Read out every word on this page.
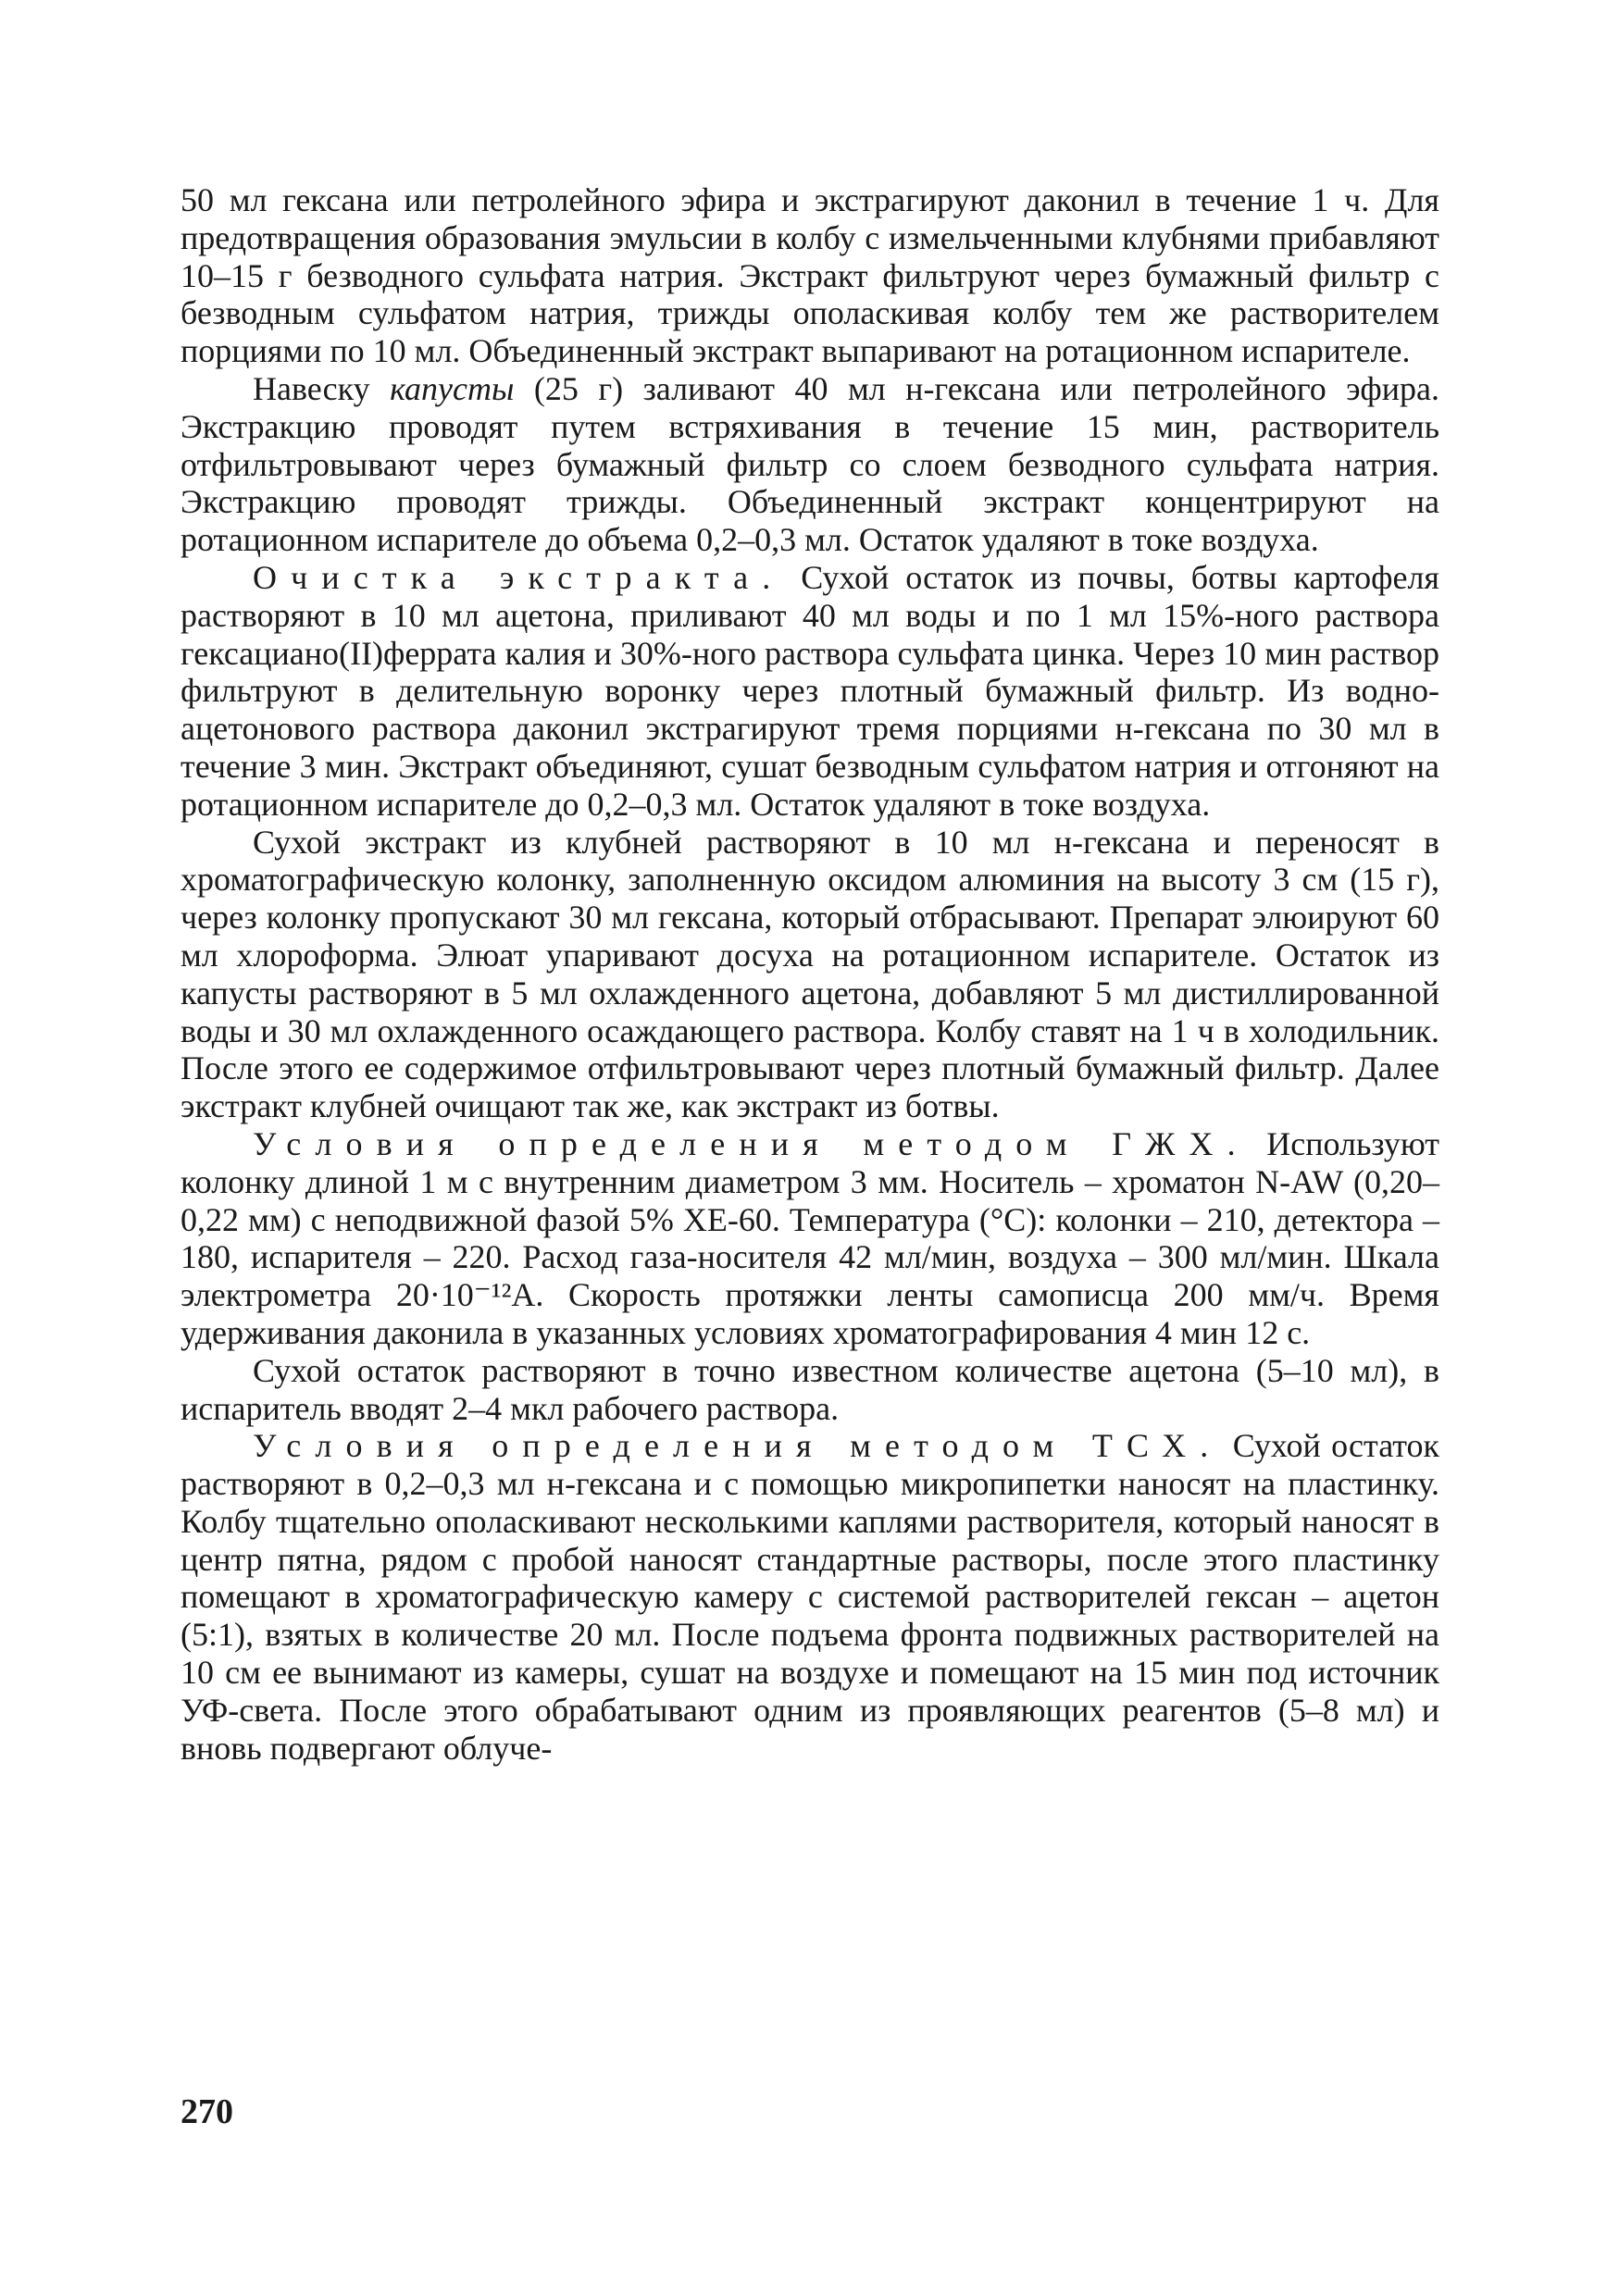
50 мл гексана или петролейного эфира и экстрагируют даконил в течение 1 ч. Для предотвращения образования эмульсии в колбу с измельченными клубнями прибавляют 10–15 г безводного сульфата натрия. Экстракт фильтруют через бумажный фильтр с безводным сульфатом натрия, трижды ополаскивая колбу тем же растворителем порциями по 10 мл. Объединенный экстракт выпаривают на ротационном испарителе.

Навеску капусты (25 г) заливают 40 мл н-гексана или петролейного эфира. Экстракцию проводят путем встряхивания в течение 15 мин, растворитель отфильтровывают через бумажный фильтр со слоем безводного сульфата натрия. Экстракцию проводят трижды. Объединенный экстракт концентрируют на ротационном испарителе до объема 0,2–0,3 мл. Остаток удаляют в токе воздуха.

Очистка экстракта. Сухой остаток из почвы, ботвы картофеля растворяют в 10 мл ацетона, приливают 40 мл воды и по 1 мл 15%-ного раствора гексациано(II)феррата калия и 30%-ного раствора сульфата цинка. Через 10 мин раствор фильтруют в делительную воронку через плотный бумажный фильтр. Из водно-ацетонового раствора даконил экстрагируют тремя порциями н-гексана по 30 мл в течение 3 мин. Экстракт объединяют, сушат безводным сульфатом натрия и отгоняют на ротационном испарителе до 0,2–0,3 мл. Остаток удаляют в токе воздуха.

Сухой экстракт из клубней растворяют в 10 мл н-гексана и переносят в хроматографическую колонку, заполненную оксидом алюминия на высоту 3 см (15 г), через колонку пропускают 30 мл гексана, который отбрасывают. Препарат элюируют 60 мл хлороформа. Элюат упаривают досуха на ротационном испарителе. Остаток из капусты растворяют в 5 мл охлажденного ацетона, добавляют 5 мл дистиллированной воды и 30 мл охлажденного осаждающего раствора. Колбу ставят на 1 ч в холодильник. После этого ее содержимое отфильтровывают через плотный бумажный фильтр. Далее экстракт клубней очищают так же, как экстракт из ботвы.

Условия определения методом ГЖХ. Используют колонку длиной 1 м с внутренним диаметром 3 мм. Носитель – хроматон N-AW (0,20–0,22 мм) с неподвижной фазой 5% XE-60. Температура (°С): колонки – 210, детектора – 180, испарителя – 220. Расход газа-носителя 42 мл/мин, воздуха – 300 мл/мин. Шкала электрометра 20·10⁻¹²А. Скорость протяжки ленты самописца 200 мм/ч. Время удерживания даконила в указанных условиях хроматографирования 4 мин 12 с.

Сухой остаток растворяют в точно известном количестве ацетона (5–10 мл), в испаритель вводят 2–4 мкл рабочего раствора.

Условия определения методом ТСХ. Сухой остаток растворяют в 0,2–0,3 мл н-гексана и с помощью микропипетки наносят на пластинку. Колбу тщательно ополаскивают несколькими каплями растворителя, который наносят в центр пятна, рядом с пробой наносят стандартные растворы, после этого пластинку помещают в хроматографическую камеру с системой растворителей гексан – ацетон (5:1), взятых в количестве 20 мл. После подъема фронта подвижных растворителей на 10 см ее вынимают из камеры, сушат на воздухе и помещают на 15 мин под источник УФ-света. После этого обрабатывают одним из проявляющих реагентов (5–8 мл) и вновь подвергают облуче-

270
